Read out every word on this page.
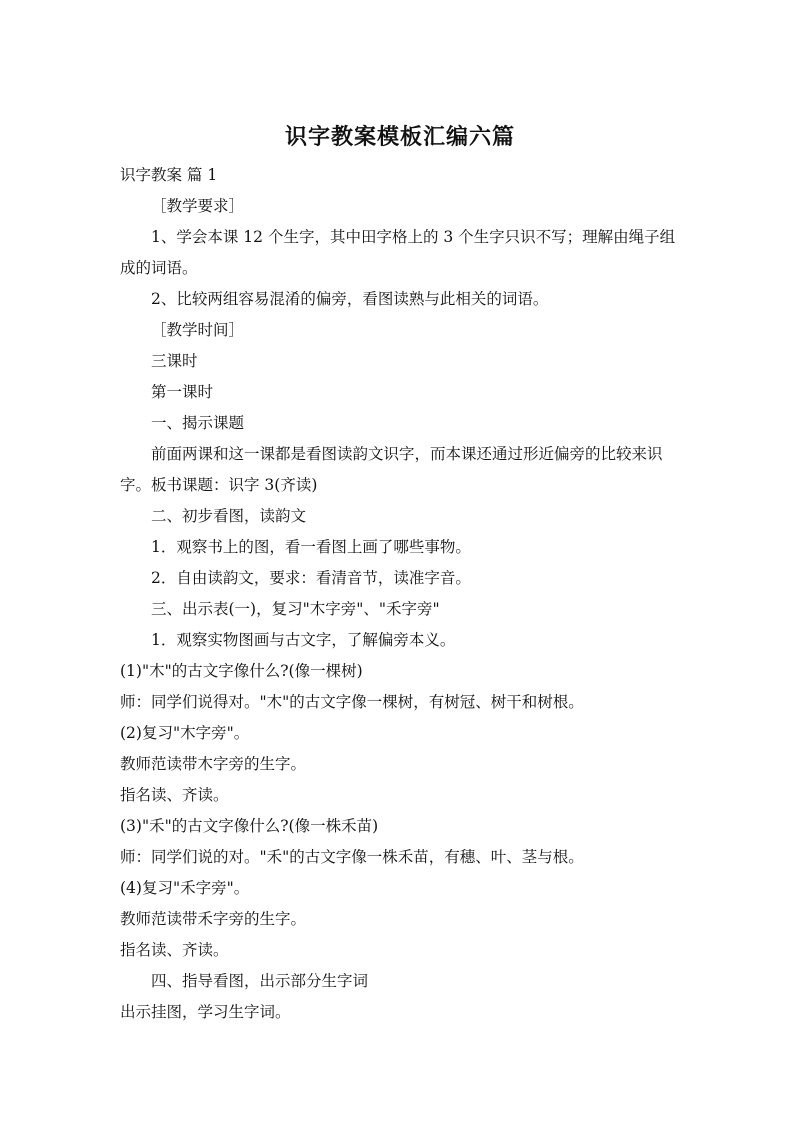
识字教案模板汇编六篇

识字教案 篇 1

［教学要求］

1、学会本课 12 个生字，其中田字格上的 3 个生字只识不写；理解由绳子组成的词语。

2、比较两组容易混淆的偏旁，看图读熟与此相关的词语。

［教学时间］

三课时

第一课时

一、揭示课题

前面两课和这一课都是看图读韵文识字，而本课还通过形近偏旁的比较来识字。板书课题：识字 3(齐读)

二、初步看图，读韵文

1．观察书上的图，看一看图上画了哪些事物。

2．自由读韵文，要求：看清音节，读准字音。

三、出示表(一)，复习"木字旁"、"禾字旁"

1．观察实物图画与古文字，了解偏旁本义。

(1)"木"的古文字像什么?(像一棵树)

师：同学们说得对。"木"的古文字像一棵树，有树冠、树干和树根。

(2)复习"木字旁"。

教师范读带木字旁的生字。

指名读、齐读。

(3)"禾"的古文字像什么?(像一株禾苗)

师：同学们说的对。"禾"的古文字像一株禾苗，有穗、叶、茎与根。

(4)复习"禾字旁"。

教师范读带禾字旁的生字。

指名读、齐读。

四、指导看图，出示部分生字词

出示挂图，学习生字词。
